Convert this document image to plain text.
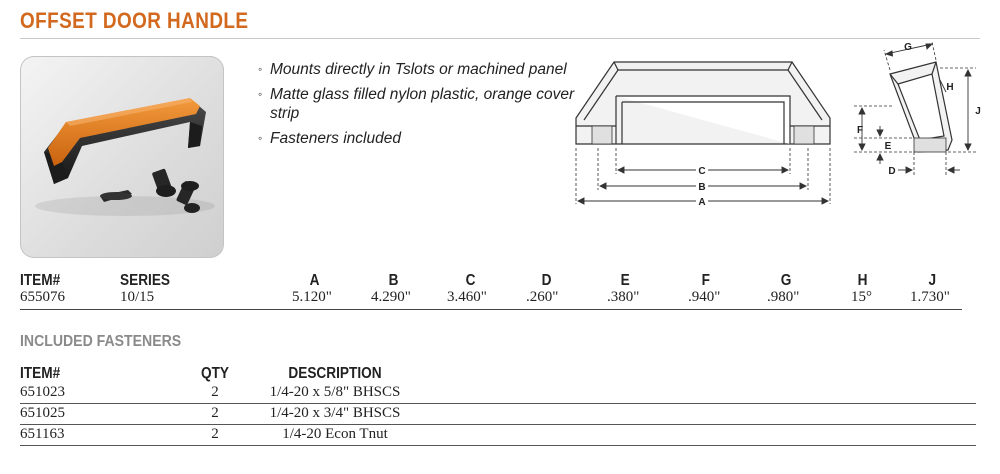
OFFSET DOOR HANDLE
◦ Mounts directly in Tslots or machined panel
◦ Matte glass filled nylon plastic, orange cover strip
◦ Fasteners included
C
B
A
G
H
J
F
E
D
ITEM#	SERIES	A	B	C	D	E	F	G	H	J
655076	10/15	5.120"	4.290" 3.460"	.260"	.380"	.940"	.980"	15°	1.730"
INCLUDED FASTENERS
ITEM#	QTY	DESCRIPTION
651023	2	1/4-20 x 5/8" BHSCS
651025	2	1/4-20 x 3/4" BHSCS
651163	2	1/4-20 Econ Tnut
